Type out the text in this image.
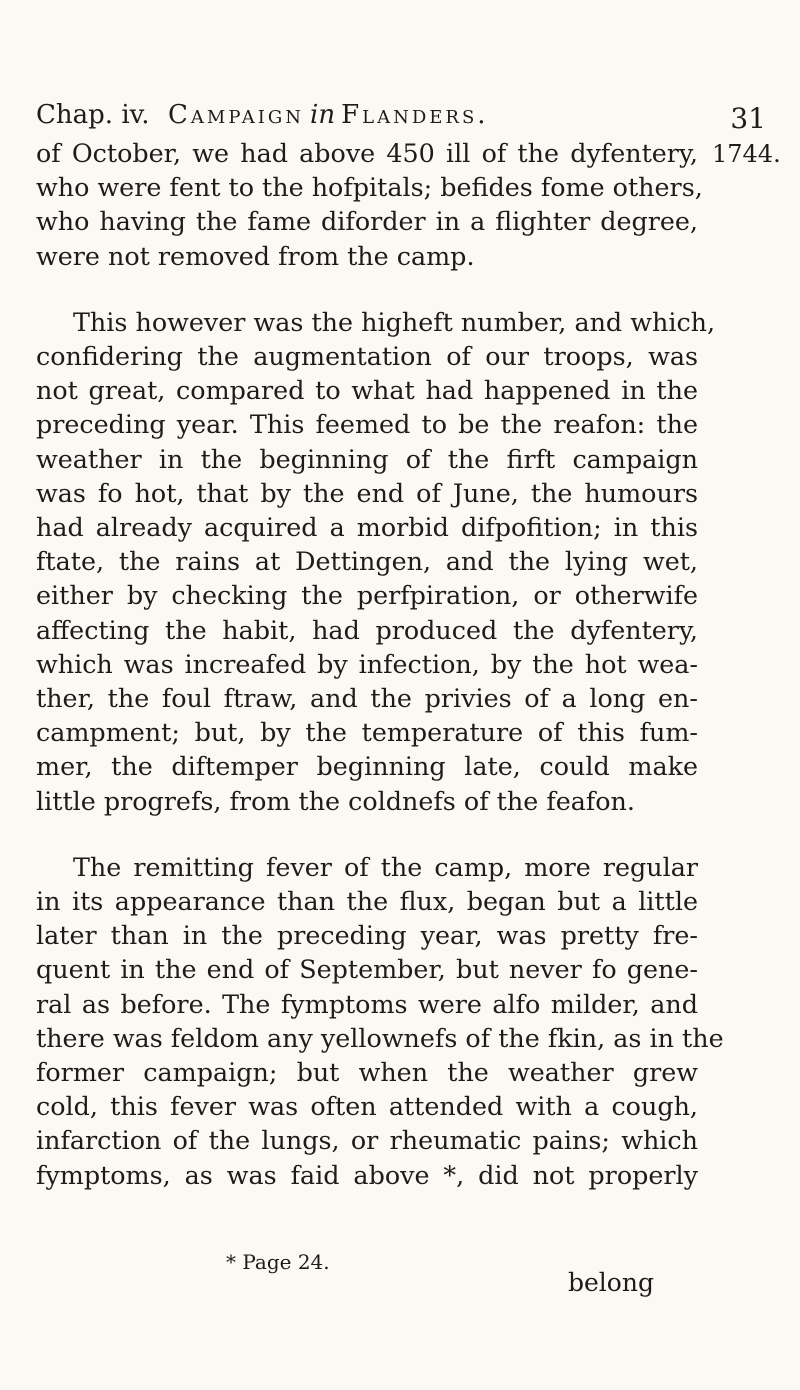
Chap. iv. Campaign in Flanders.	31
1744.

of October, we had above 450 ill of the dyfentery,
who were fent to the hofpitals; befides fome others,
who having the fame diforder in a flighter degree,
were not removed from the camp.

This however was the higheft number, and which,
confidering the augmentation of our troops, was
not great, compared to what had happened in the
preceding year. This feemed to be the reafon: the
weather in the beginning of the firft campaign
was fo hot, that by the end of June, the humours
had already acquired a morbid difpofition; in this
ftate, the rains at Dettingen, and the lying wet,
either by checking the perfpiration, or otherwife
affecting the habit, had produced the dyfentery,
which was increafed by infection, by the hot wea-
ther, the foul ftraw, and the privies of a long en-
campment; but, by the temperature of this fum-
mer, the diftemper beginning late, could make
little progrefs, from the coldnefs of the feafon.

The remitting fever of the camp, more regular
in its appearance than the flux, began but a little
later than in the preceding year, was pretty fre-
quent in the end of September, but never fo gene-
ral as before. The fymptoms were alfo milder, and
there was feldom any yellownefs of the fkin, as in the
former campaign; but when the weather grew
cold, this fever was often attended with a cough,
infarction of the lungs, or rheumatic pains; which
fymptoms, as was faid above *, did not properly

* Page 24.
belong
